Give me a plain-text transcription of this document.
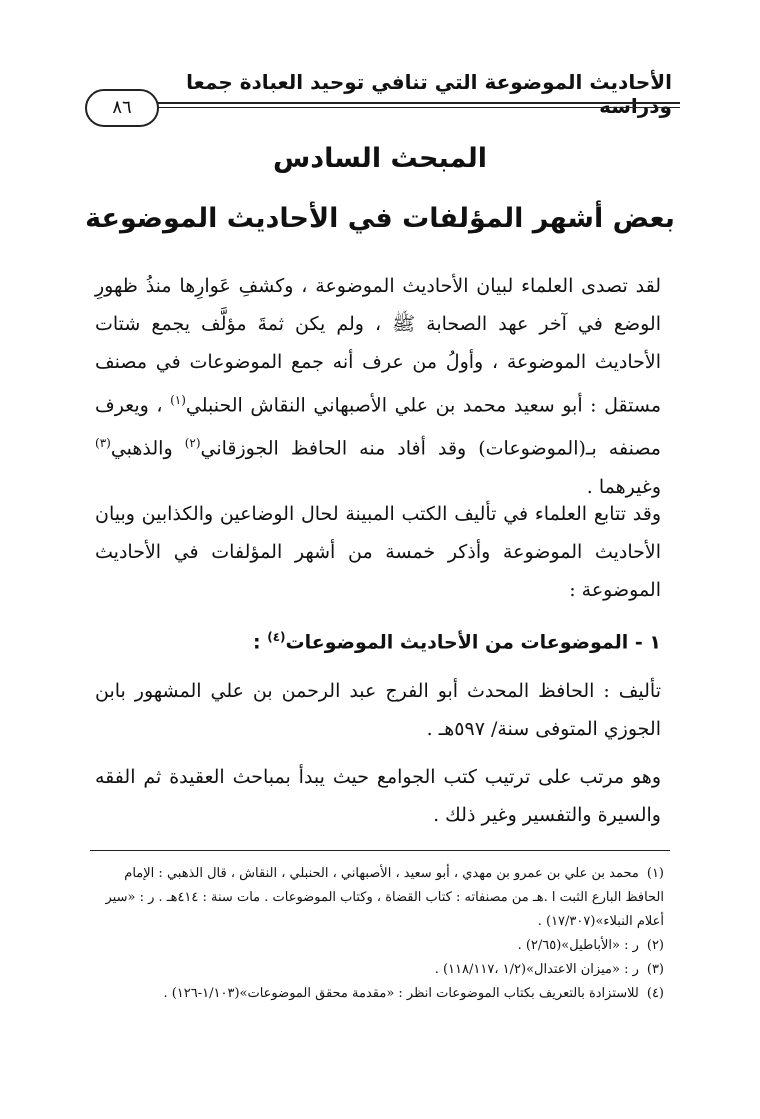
الأحاديث الموضوعة التي تنافي توحيد العبادة جمعا ودراسة
٨٦
المبحث السادس
بعض أشهر المؤلفات في الأحاديث الموضوعة
لقد تصدى العلماء لبيان الأحاديث الموضوعة ، وكشفِ عَوارِها منذُ ظهورِ الوضع في آخر عهد الصحابة ﷺ ، ولم يكن ثمةَ مؤلَّف يجمع شتات الأحاديث الموضوعة ، وأولُ من عرف أنه جمع الموضوعات في مصنف مستقل : أبو سعيد محمد بن علي الأصبهاني النقاش الحنبلي$^{(١)}$ ، ويعرف مصنفه بـ(الموضوعات) وقد أفاد منه الحافظ الجوزقاني$^{(٢)}$ والذهبي$^{(٣)}$ وغيرهما .
وقد تتابع العلماء في تأليف الكتب المبينة لحال الوضاعين والكذابين وبيان الأحاديث الموضوعة وأذكر خمسة من أشهر المؤلفات في الأحاديث الموضوعة :
١ - الموضوعات من الأحاديث الموضوعات$^{(٤)}$ :
تأليف : الحافظ المحدث أبو الفرج عبد الرحمن بن علي المشهور بابن الجوزي المتوفى سنة/ ٥٩٧هـ .
وهو مرتب على ترتيب كتب الجوامع حيث يبدأ بمباحث العقيدة ثم الفقه والسيرة والتفسير وغير ذلك .

(١)محمد بن علي بن عمرو بن مهدي ، أبو سعيد ، الأصبهاني ، الحنبلي ، النقاش ، قال الذهبي : الإمام الحافظ البارع الثبت ا .هـ من مصنفاته : كتاب القضاة ، وكتاب الموضوعات . مات سنة : ٤١٤هـ . ر : «سير أعلام النبلاء»(١٧/٣٠٧) .

(٢)ر : «الأباطيل»(٢/٦٥) .

(٣)ر : «ميزان الاعتدال»(١/٢ ،١١٨/١١٧) .

(٤)للاستزادة بالتعريف بكتاب الموضوعات انظر : «مقدمة محقق الموضوعات»(١/١٠٣-١٢٦) .
